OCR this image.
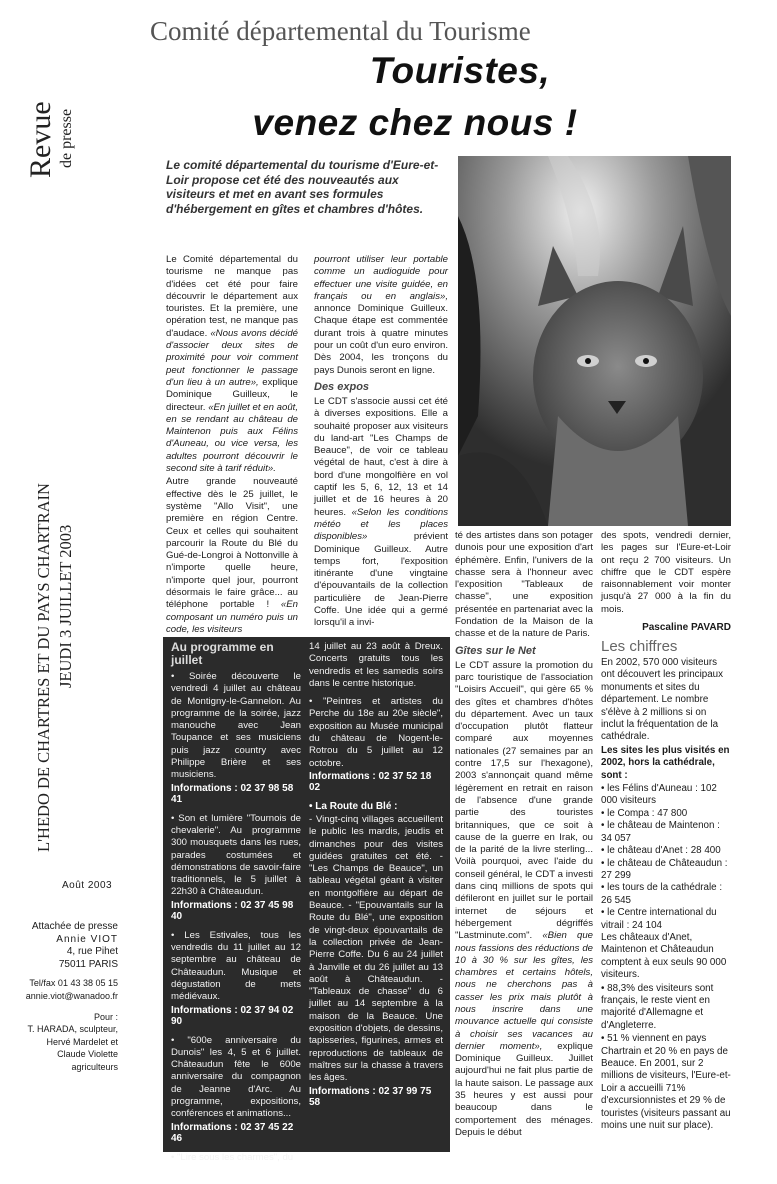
Revue de presse
L'HEDO DE CHARTRES ET DU PAYS CHARTRAIN JEUDI 3 JUILLET 2003
Août 2003
Attachée de presse
Annie VIOT
4, rue Pihet
75011 PARIS
Tel/fax 01 43 38 05 15
annie.viot@wanadoo.fr
Pour :
T. HARADA, sculpteur,
Hervé Mardelet et
Claude Violette
agriculteurs
Comité départemental du Tourisme
Touristes,
venez chez nous !
Le comité départemental du tourisme d'Eure-et-Loir propose cet été des nouveautés aux visiteurs et met en avant ses formules d'hébergement en gîtes et chambres d'hôtes.

Le Comité départemental du tourisme ne manque pas d'idées cet été pour faire découvrir le département aux touristes. Et la première, une opération test, ne manque pas d'audace. «Nous avons décidé d'associer deux sites de proximité pour voir comment peut fonctionner le passage d'un lieu à un autre», explique Dominique Guilleux, le directeur. «En juillet et en août, en se rendant au château de Maintenon puis aux Félins d'Auneau, ou vice versa, les adultes pourront découvrir le second site à tarif réduit».

Autre grande nouveauté effective dès le 25 juillet, le système "Allo Visit", une première en région Centre. Ceux et celles qui souhaitent parcourir la Route du Blé du Gué-de-Longroi à Nottonville à n'importe quelle heure, n'importe quel jour, pourront désormais le faire grâce... au téléphone portable ! «En composant un numéro puis un code, les visiteurs

pourront utiliser leur portable comme un audioguide pour effectuer une visite guidée, en français ou en anglais», annonce Dominique Guilleux. Chaque étape est commentée durant trois à quatre minutes pour un coût d'un euro environ. Dès 2004, les tronçons du pays Dunois seront en ligne.

Des expos

Le CDT s'associe aussi cet été à diverses expositions. Elle a souhaité proposer aux visiteurs du land-art "Les Champs de Beauce", de voir ce tableau végétal de haut, c'est à dire à bord d'une mongolfière en vol captif les 5, 6, 12, 13 et 14 juillet et de 16 heures à 20 heures. «Selon les conditions météo et les places disponibles»	prévient Dominique Guilleux. Autre temps fort, l'exposition itinérante d'une vingtaine d'épouvantails de la collection particulière de Jean-Pierre Coffe. Une idée qui a germé lorsqu'il a invi-

té des artistes dans son potager dunois pour une exposition d'art éphémère. Enfin, l'univers de la chasse sera à l'honneur avec l'exposition "Tableaux de chasse", une exposition présentée en partenariat avec la Fondation de la Maison de la chasse et de la nature de Paris.

Gîtes sur le Net

Le CDT assure la promotion du parc touristique de l'association "Loisirs Accueil", qui gère 65 % des gîtes et chambres d'hôtes du département. Avec un taux d'occupation plutôt flatteur comparé aux moyennes nationales (27 semaines par an contre 17,5 sur l'hexagone), 2003 s'annonçait quand même légèrement en retrait en raison de l'absence d'une grande partie des touristes britanniques, que ce soit à cause de la guerre en Irak, ou de la parité de la livre sterling... Voilà pourquoi, avec l'aide du conseil général, le CDT a investi dans cinq millions de spots qui défileront en juillet sur le portail internet de séjours et hébergement dégriffés "Lastminute.com". «Bien que nous fassions des réductions de 10 à 30 % sur les gîtes, les chambres et certains hôtels, nous ne cherchons pas à casser les prix mais plutôt à nous inscrire dans une mouvance actuelle qui consiste à choisir ses vacances au dernier moment», explique Dominique Guilleux. Juillet aujourd'hui ne fait plus partie de la haute saison. Le passage aux 35 heures y est aussi pour beaucoup dans le comportement des ménages. Depuis le début

des spots, vendredi dernier, les pages sur l'Eure-et-Loir ont reçu 2 700 visiteurs. Un chiffre que le CDT espère raisonnablement voir monter jusqu'à 27 000 à la fin du mois.

Pascaline PAVARD
Les chiffres

En 2002, 570 000 visiteurs ont découvert les principaux monuments et sites du département. Le nombre s'élève à 2 millions si on inclut la fréquentation de la cathédrale.

Les sites les plus visités en 2002, hors la cathédrale, sont :

• les Félins d'Auneau : 102 000 visiteurs
• le Compa : 47 800
• le château de Maintenon : 34 057
• le château d'Anet : 28 400
• le château de Châteaudun : 27 299
• les tours de la cathédrale : 26 545
• le Centre international du vitrail : 24 104

Les châteaux d'Anet, Maintenon et Châteaudun comptent à eux seuls 90 000 visiteurs.

• 88,3% des visiteurs sont français, le reste vient en majorité d'Allemagne et d'Angleterre.

• 51 % viennent en pays Chartrain et 20 % en pays de Beauce. En 2001, sur 2 millions de visiteurs, l'Eure-et-Loir a accueilli 71% d'excursionnistes et 29 % de touristes (visiteurs passant au moins une nuit sur place).

Au programme en juillet

• Soirée découverte le vendredi 4 juillet au château de Montigny-le-Gannelon. Au programme de la soirée, jazz manouche avec Jean Toupance et ses musiciens puis jazz country avec Philippe Brière et ses musiciens.

Informations : 02 37 98 58 41

• Son et lumière "Tournois de chevalerie". Au programme 300 mousquets dans les rues, parades costumées et démonstrations de savoir-faire traditionnels, le 5 juillet à 22h30 à Châteaudun.

Informations : 02 37 45 98 40

• Les Estivales, tous les vendredis du 11 juillet au 12 septembre au château de Châteaudun. Musique et dégustation de mets médiévaux.

Informations : 02 37 94 02 90

• "600e anniversaire du Dunois" les 4, 5 et 6 juillet. Châteaudun fête le 600e anniversaire du compagnon de Jeanne d'Arc. Au programme, expositions, conférences et animations...

Informations : 02 37 45 22 46

• "Lire sous les charmes", du

14 juillet au 23 août à Dreux. Concerts gratuits tous les vendredis et les samedis soirs dans le centre historique.

• "Peintres et artistes du Perche du 18e au 20e siècle", exposition au Musée municipal du château de Nogent-le-Rotrou du 5 juillet au 12 octobre.

Informations : 02 37 52 18 02
• La Route du Blé :

- Vingt-cinq villages accueillent le public les mardis, jeudis et dimanches pour des visites guidées gratuites cet été. - "Les Champs de Beauce", un tableau végétal géant à visiter en montgolfière au départ de Beauce. - "Epouvantails sur la Route du Blé", une exposition de vingt-deux épouvantails de la collection privée de Jean-Pierre Coffe. Du 6 au 24 juillet à Janville et du 26 juillet au 13 août à Châteaudun. - "Tableaux de chasse" du 6 juillet au 14 septembre à la maison de la Beauce. Une exposition d'objets, de dessins, tapisseries, figurines, armes et reproductions de tableaux de maîtres sur la chasse à travers les âges.

Informations : 02 37 99 75 58
